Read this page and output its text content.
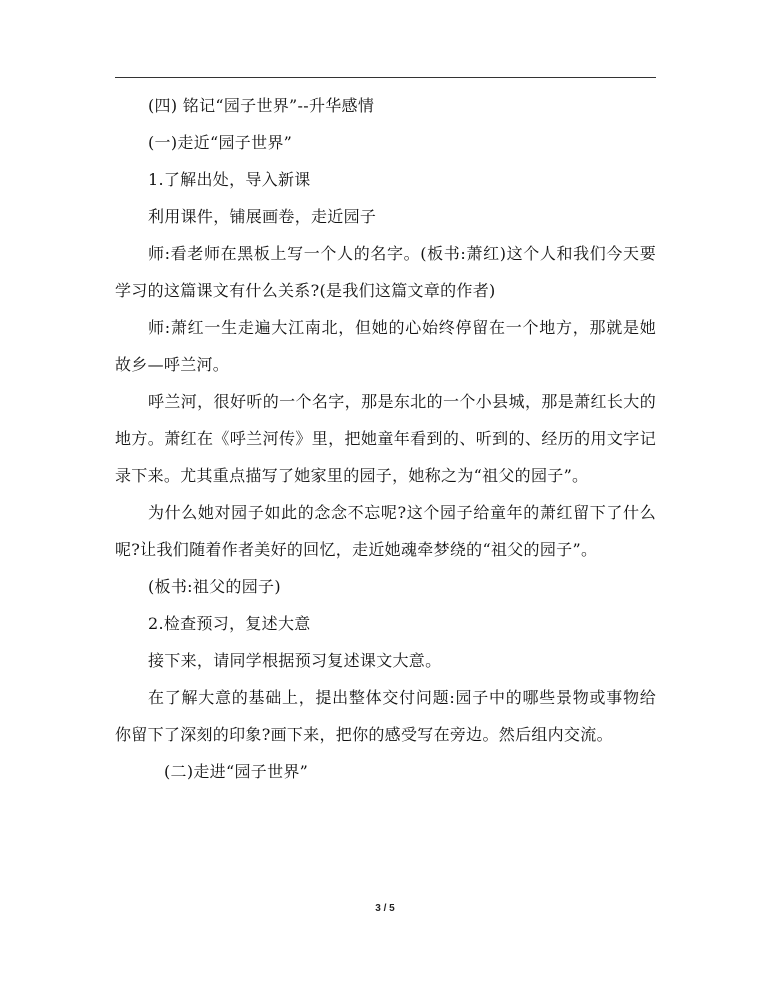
(四) 铭记“园子世界”--升华感情

(一)走近“园子世界”

1.了解出处，导入新课

利用课件，铺展画卷，走近园子

师:看老师在黑板上写一个人的名字。(板书:萧红)这个人和我们今天要学习的这篇课文有什么关系?(是我们这篇文章的作者)

师:萧红一生走遍大江南北，但她的心始终停留在一个地方，那就是她故乡—呼兰河。

呼兰河，很好听的一个名字，那是东北的一个小县城，那是萧红长大的地方。萧红在《呼兰河传》里，把她童年看到的、听到的、经历的用文字记录下来。尤其重点描写了她家里的园子，她称之为“祖父的园子”。

为什么她对园子如此的念念不忘呢?这个园子给童年的萧红留下了什么呢?让我们随着作者美好的回忆，走近她魂牵梦绕的“祖父的园子”。

(板书:祖父的园子)

2.检查预习，复述大意

接下来，请同学根据预习复述课文大意。

在了解大意的基础上，提出整体交付问题:园子中的哪些景物或事物给你留下了深刻的印象?画下来，把你的感受写在旁边。然后组内交流。

(二)走进“园子世界”

3 / 5
